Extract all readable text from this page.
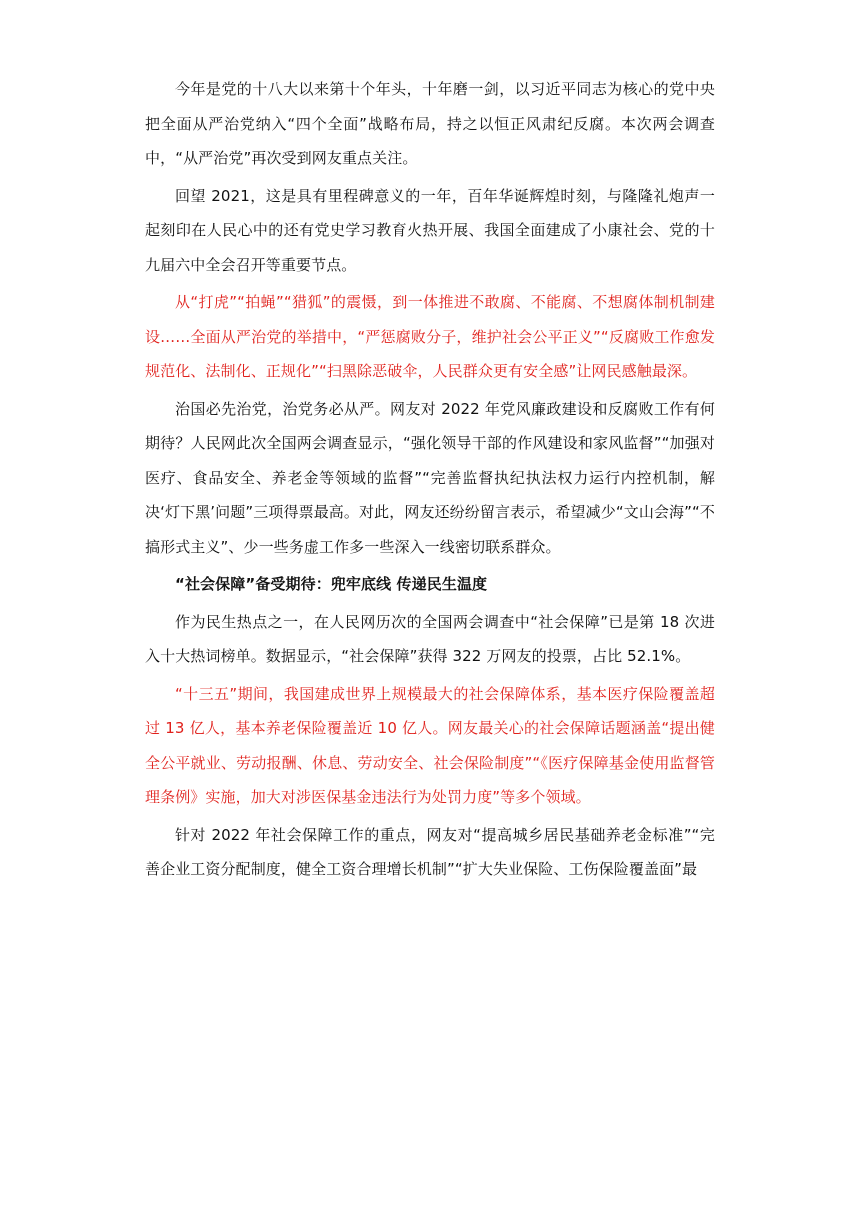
今年是党的十八大以来第十个年头，十年磨一剑，以习近平同志为核心的党中央把全面从严治党纳入“四个全面”战略布局，持之以恒正风肃纪反腐。本次两会调查中，“从严治党”再次受到网友重点关注。

回望 2021，这是具有里程碑意义的一年，百年华诞辉煌时刻，与隆隆礼炮声一起刻印在人民心中的还有党史学习教育火热开展、我国全面建成了小康社会、党的十九届六中全会召开等重要节点。

从“打虎”“拍蝇”“猎狐”的震慑，到一体推进不敢腐、不能腐、不想腐体制机制建设……全面从严治党的举措中，“严惩腐败分子，维护社会公平正义”“反腐败工作愈发规范化、法制化、正规化”“扫黑除恶破伞，人民群众更有安全感”让网民感触最深。

治国必先治党，治党务必从严。网友对 2022 年党风廉政建设和反腐败工作有何期待？人民网此次全国两会调查显示，“强化领导干部的作风建设和家风监督”“加强对医疗、食品安全、养老金等领域的监督”“完善监督执纪执法权力运行内控机制，解决‘灯下黑’问题”三项得票最高。对此，网友还纷纷留言表示，希望减少“文山会海”“不搞形式主义”、少一些务虚工作多一些深入一线密切联系群众。

“社会保障”备受期待：兜牢底线 传递民生温度

作为民生热点之一，在人民网历次的全国两会调查中“社会保障”已是第 18 次进入十大热词榜单。数据显示，“社会保障”获得 322 万网友的投票，占比 52.1%。

“十三五”期间，我国建成世界上规模最大的社会保障体系，基本医疗保险覆盖超过 13 亿人，基本养老保险覆盖近 10 亿人。网友最关心的社会保障话题涵盖“提出健全公平就业、劳动报酬、休息、劳动安全、社会保险制度”“《医疗保障基金使用监督管理条例》实施，加大对涉医保基金违法行为处罚力度”等多个领域。

针对 2022 年社会保障工作的重点，网友对“提高城乡居民基础养老金标准”“完善企业工资分配制度，健全工资合理增长机制”“扩大失业保险、工伤保险覆盖面”最
